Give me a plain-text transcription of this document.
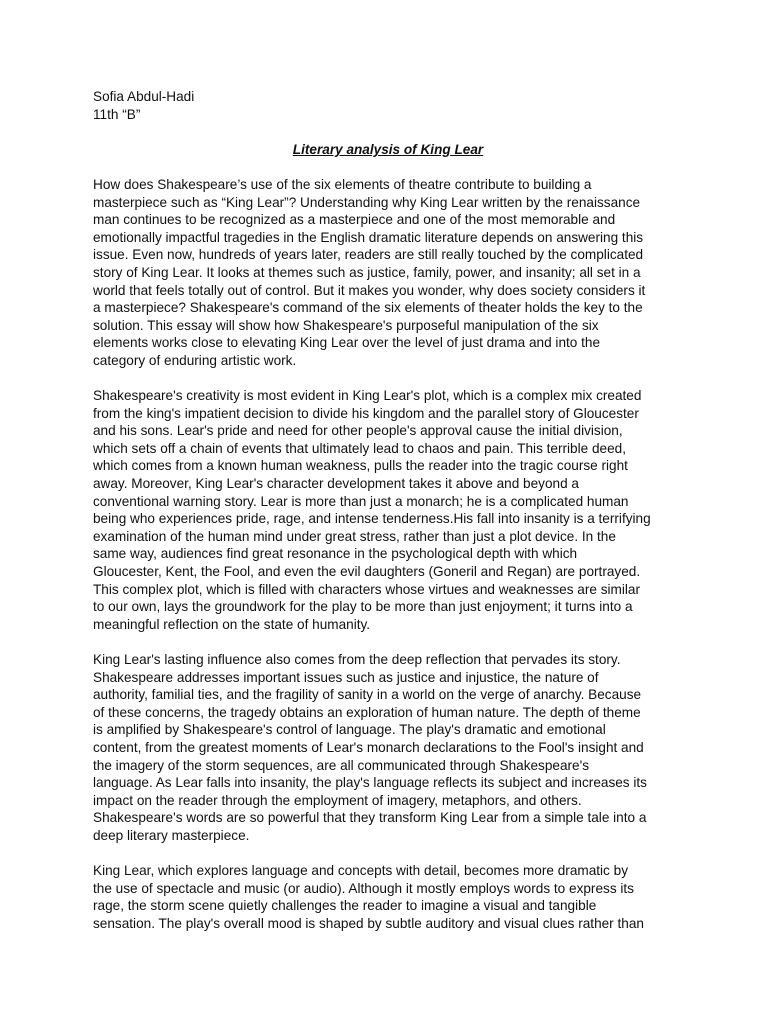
Sofia Abdul-Hadi
11th “B”
Literary analysis of King Lear
How does Shakespeare’s use of the six elements of theatre contribute to building a
masterpiece such as “King Lear”? Understanding why King Lear written by the renaissance
man continues to be recognized as a masterpiece and one of the most memorable and
emotionally impactful tragedies in the English dramatic literature depends on answering this
issue. Even now, hundreds of years later, readers are still really touched by the complicated
story of King Lear. It looks at themes such as justice, family, power, and insanity; all set in a
world that feels totally out of control. But it makes you wonder, why does society considers it
a masterpiece? Shakespeare's command of the six elements of theater holds the key to the
solution. This essay will show how Shakespeare's purposeful manipulation of the six
elements works close to elevating King Lear over the level of just drama and into the
category of enduring artistic work.
Shakespeare's creativity is most evident in King Lear's plot, which is a complex mix created
from the king's impatient decision to divide his kingdom and the parallel story of Gloucester
and his sons. Lear's pride and need for other people's approval cause the initial division,
which sets off a chain of events that ultimately lead to chaos and pain. This terrible deed,
which comes from a known human weakness, pulls the reader into the tragic course right
away. Moreover, King Lear's character development takes it above and beyond a
conventional warning story. Lear is more than just a monarch; he is a complicated human
being who experiences pride, rage, and intense tenderness.His fall into insanity is a terrifying
examination of the human mind under great stress, rather than just a plot device. In the
same way, audiences find great resonance in the psychological depth with which
Gloucester, Kent, the Fool, and even the evil daughters (Goneril and Regan) are portrayed.
This complex plot, which is filled with characters whose virtues and weaknesses are similar
to our own, lays the groundwork for the play to be more than just enjoyment; it turns into a
meaningful reflection on the state of humanity.
King Lear's lasting influence also comes from the deep reflection that pervades its story.
Shakespeare addresses important issues such as justice and injustice, the nature of
authority, familial ties, and the fragility of sanity in a world on the verge of anarchy. Because
of these concerns, the tragedy obtains an exploration of human nature. The depth of theme
is amplified by Shakespeare's control of language. The play's dramatic and emotional
content, from the greatest moments of Lear's monarch declarations to the Fool's insight and
the imagery of the storm sequences, are all communicated through Shakespeare's
language. As Lear falls into insanity, the play's language reflects its subject and increases its
impact on the reader through the employment of imagery, metaphors, and others.
Shakespeare's words are so powerful that they transform King Lear from a simple tale into a
deep literary masterpiece.
King Lear, which explores language and concepts with detail, becomes more dramatic by
the use of spectacle and music (or audio). Although it mostly employs words to express its
rage, the storm scene quietly challenges the reader to imagine a visual and tangible
sensation. The play's overall mood is shaped by subtle auditory and visual clues rather than
